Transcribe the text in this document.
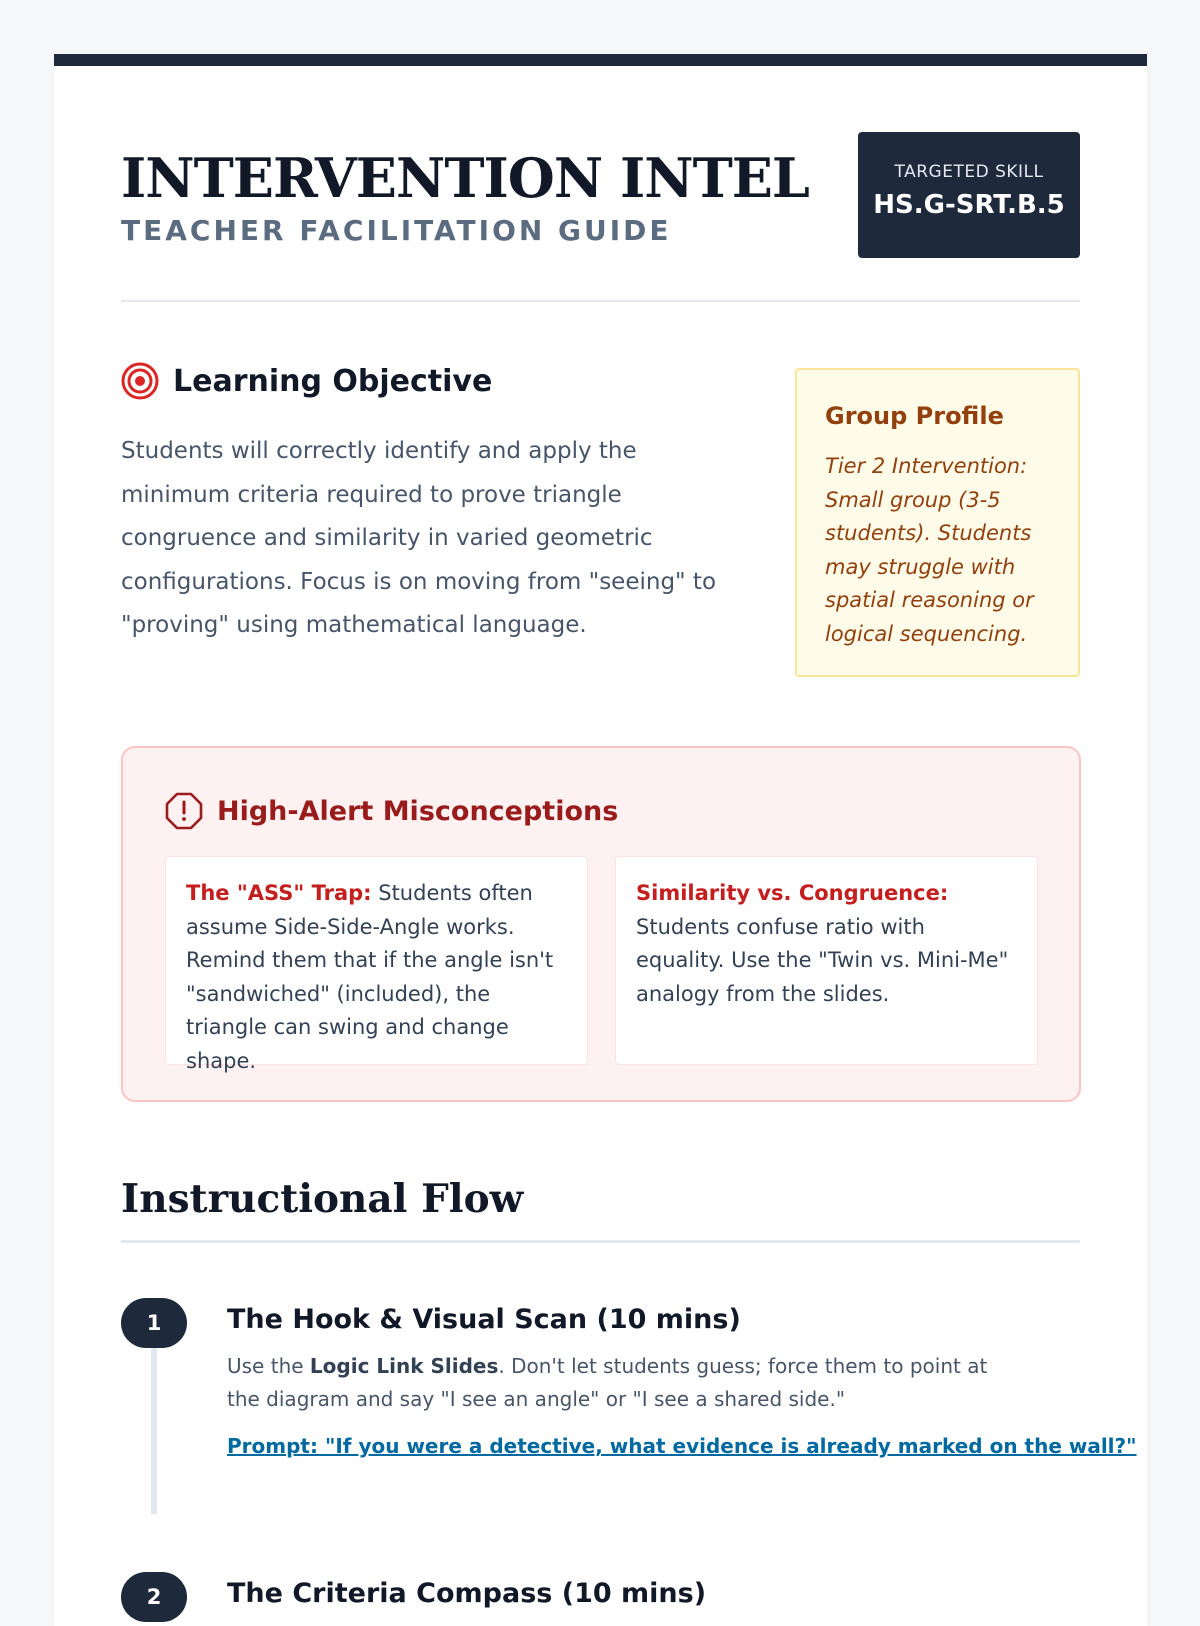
INTERVENTION INTEL
TEACHER FACILITATION GUIDE
TARGETED SKILL
HS.G-SRT.B.5
Learning Objective
Students will correctly identify and apply the minimum criteria required to prove triangle congruence and similarity in varied geometric configurations. Focus is on moving from "seeing" to "proving" using mathematical language.
Group Profile
Tier 2 Intervention: Small group (3-5 students). Students may struggle with spatial reasoning or logical sequencing.
High-Alert Misconceptions
The "ASS" Trap: Students often assume Side-Side-Angle works. Remind them that if the angle isn't "sandwiched" (included), the triangle can swing and change shape.
Similarity vs. Congruence: Students confuse ratio with equality. Use the "Twin vs. Mini-Me" analogy from the slides.
Instructional Flow
1	The Hook & Visual Scan (10 mins)
Use the Logic Link Slides. Don't let students guess; force them to point at the diagram and say "I see an angle" or "I see a shared side."
Prompt: "If you were a detective, what evidence is already marked on the wall?"
2	The Criteria Compass (10 mins)
